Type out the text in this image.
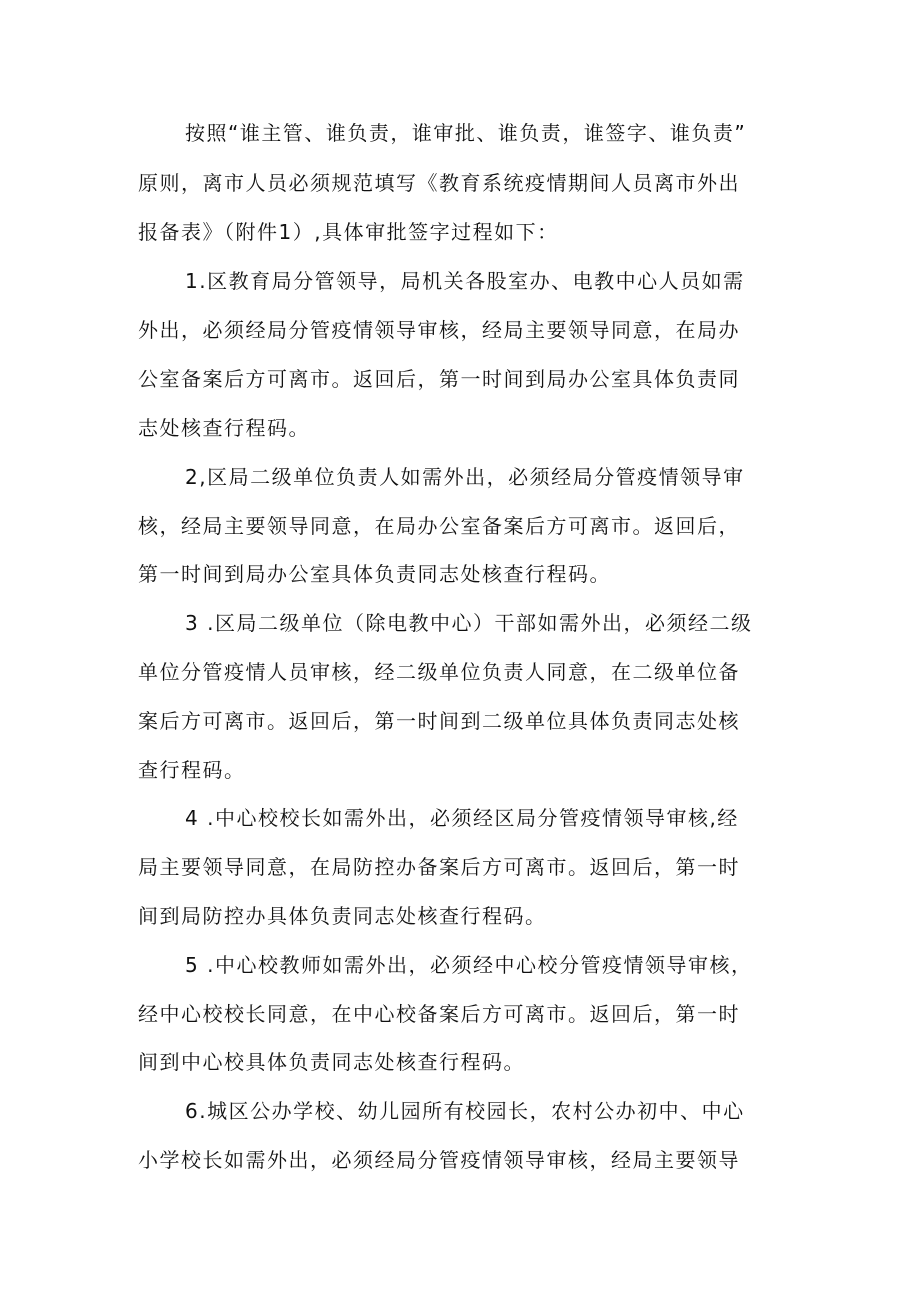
按照“谁主管、谁负责，谁审批、谁负责，谁签字、谁负责”
原则，离市人员必须规范填写《教育系统疫情期间人员离市外出
报备表》（附件1）,具体审批签字过程如下：
1.区教育局分管领导，局机关各股室办、电教中心人员如需
外出，必须经局分管疫情领导审核，经局主要领导同意，在局办
公室备案后方可离市。返回后，第一时间到局办公室具体负责同
志处核查行程码。
2,区局二级单位负责人如需外出，必须经局分管疫情领导审
核，经局主要领导同意，在局办公室备案后方可离市。返回后，
第一时间到局办公室具体负责同志处核查行程码。
3 .区局二级单位（除电教中心）干部如需外出，必须经二级
单位分管疫情人员审核，经二级单位负责人同意，在二级单位备
案后方可离市。返回后，第一时间到二级单位具体负责同志处核
查行程码。
4 .中心校校长如需外出，必须经区局分管疫情领导审核,经
局主要领导同意，在局防控办备案后方可离市。返回后，第一时
间到局防控办具体负责同志处核查行程码。
5 .中心校教师如需外出，必须经中心校分管疫情领导审核，
经中心校校长同意，在中心校备案后方可离市。返回后，第一时
间到中心校具体负责同志处核查行程码。
6.城区公办学校、幼儿园所有校园长，农村公办初中、中心
小学校长如需外出，必须经局分管疫情领导审核，经局主要领导
